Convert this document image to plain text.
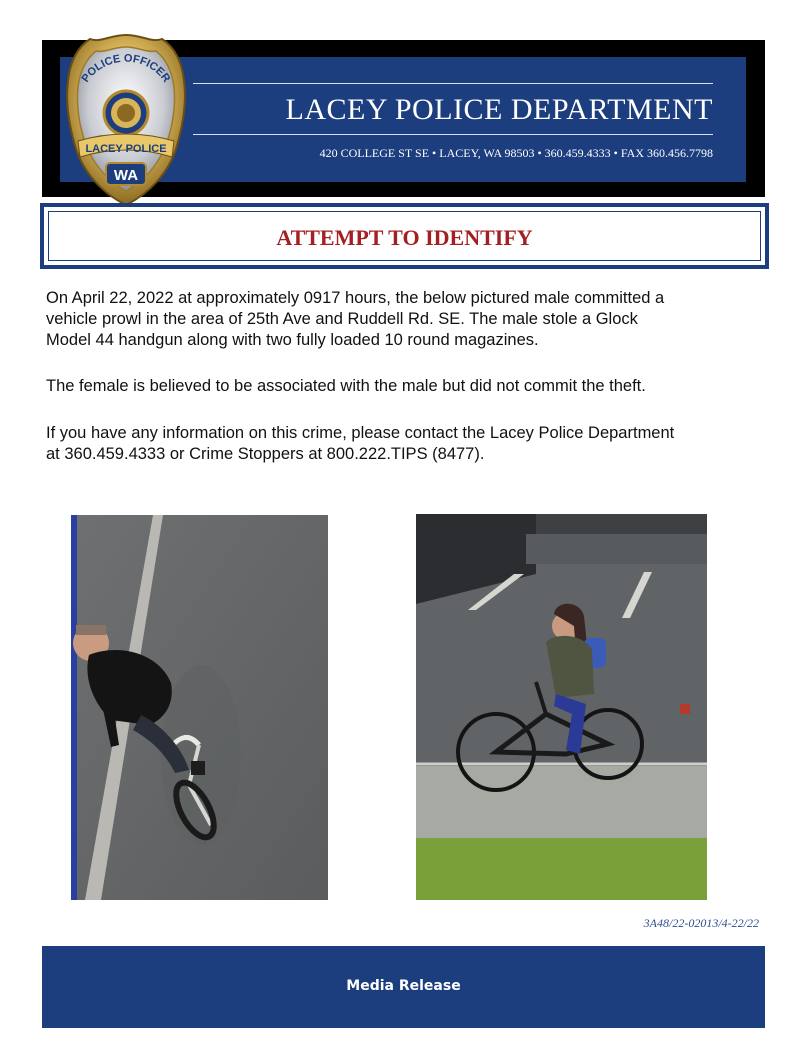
LACEY POLICE DEPARTMENT
420 COLLEGE ST SE • LACEY, WA 98503 • 360.459.4333 • FAX 360.456.7798
POLICE OFFICER
LACEY POLICE
WA
ATTEMPT TO IDENTIFY
On April 22, 2022 at approximately 0917 hours, the below pictured male committed a
vehicle prowl in the area of 25th Ave and Ruddell Rd. SE. The male stole a Glock
Model 44 handgun along with two fully loaded 10 round magazines.
The female is believed to be associated with the male but did not commit the theft.
If you have any information on this crime, please contact the Lacey Police Department
at 360.459.4333 or Crime Stoppers at 800.222.TIPS (8477).
3A48/22-02013/4-22/22
Media Release
